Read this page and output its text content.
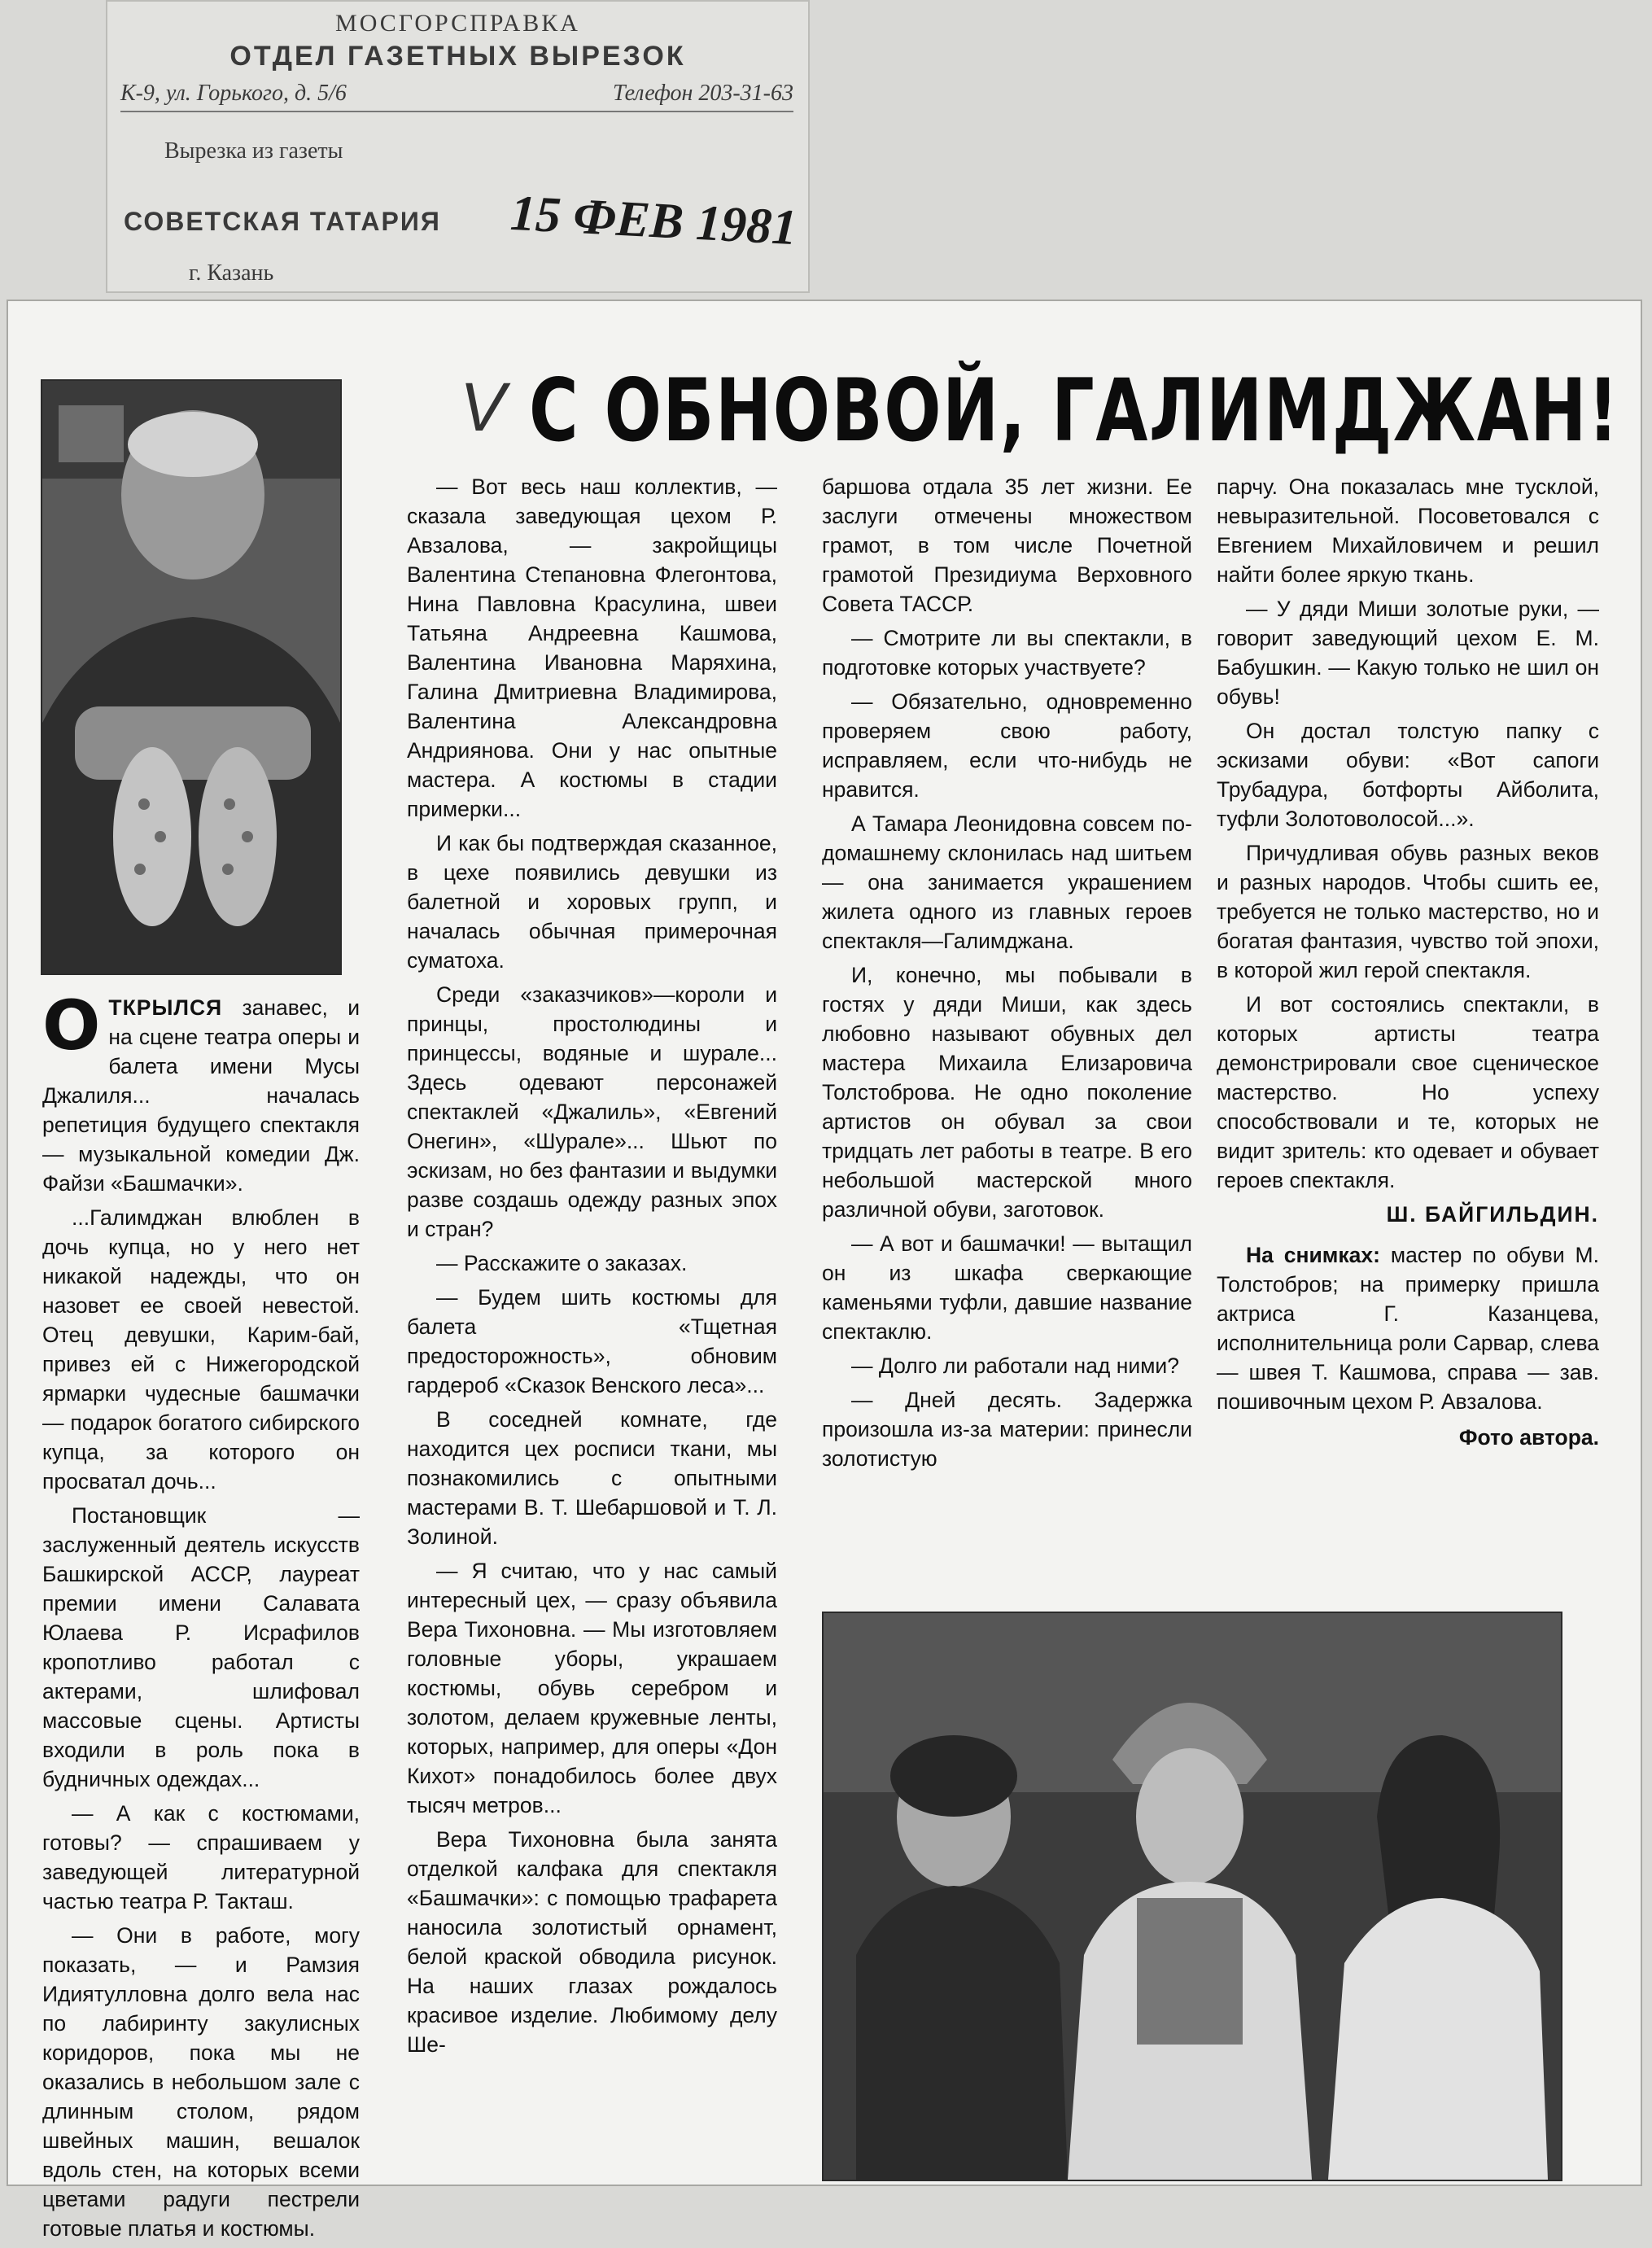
МОСГОРСПРАВКА
ОТДЕЛ ГАЗЕТНЫХ ВЫРЕЗОК
К-9, ул. Горького, д. 5/6	Телефон 203-31-63
Вырезка из газеты
СОВЕТСКАЯ ТАТАРИЯ 15 ФЕВ 1981
г. Казань
V С ОБНОВОЙ, ГАЛИМДЖАН!

ОТКРЫЛСЯ занавес, и на сцене театра оперы и балета имени Мусы Джалиля... началась репетиция будущего спектакля — музыкальной комедии Дж. Файзи «Башмачки».

...Галимджан влюблен в дочь купца, но у него нет никакой надежды, что он назовет ее своей невестой. Отец девушки, Карим-бай, привез ей с Нижегородской ярмарки чудесные башмачки — подарок богатого сибирского купца, за которого он просватал дочь...

Постановщик — заслуженный деятель искусств Башкирской АССР, лауреат премии имени Салавата Юлаева Р. Исрафилов кропотливо работал с актерами, шлифовал массовые сцены. Артисты входили в роль пока в будничных одеждах...

— А как с костюмами, готовы? — спрашиваем у заведующей литературной частью театра Р. Такташ.

— Они в работе, могу показать, — и Рамзия Идиятулловна долго вела нас по лабиринту закулисных коридоров, пока мы не оказались в небольшом зале с длинным столом, рядом швейных машин, вешалок вдоль стен, на которых всеми цветами радуги пестрели готовые платья и костюмы.

— Вот весь наш коллектив, — сказала заведующая цехом Р. Авзалова, — закройщицы Валентина Степановна Флегонтова, Нина Павловна Красулина, швеи Татьяна Андреевна Кашмова, Валентина Ивановна Маряхина, Галина Дмитриевна Владимирова, Валентина Александровна Андриянова. Они у нас опытные мастера. А костюмы в стадии примерки...

И как бы подтверждая сказанное, в цехе появились девушки из балетной и хоровых групп, и началась обычная примерочная суматоха.

Среди «заказчиков»—короли и принцы, простолюдины и принцессы, водяные и шурале... Здесь одевают персонажей спектаклей «Джалиль», «Евгений Онегин», «Шурале»... Шьют по эскизам, но без фантазии и выдумки разве создашь одежду разных эпох и стран?

— Расскажите о заказах.

— Будем шить костюмы для балета «Тщетная предосторожность», обновим гардероб «Сказок Венского леса»...

В соседней комнате, где находится цех росписи ткани, мы познакомились с опытными мастерами В. Т. Шебаршовой и Т. Л. Золиной.

— Я считаю, что у нас самый интересный цех, — сразу объявила Вера Тихоновна. — Мы изготовляем головные уборы, украшаем костюмы, обувь серебром и золотом, делаем кружевные ленты, которых, например, для оперы «Дон Кихот» понадобилось более двух тысяч метров...

Вера Тихоновна была занята отделкой калфака для спектакля «Башмачки»: с помощью трафарета наносила золотистый орнамент, белой краской обводила рисунок. На наших глазах рождалось красивое изделие. Любимому делу Ше-

баршова отдала 35 лет жизни. Ее заслуги отмечены множеством грамот, в том числе Почетной грамотой Президиума Верховного Совета ТАССР.

— Смотрите ли вы спектакли, в подготовке которых участвуете?

— Обязательно, одновременно проверяем свою работу, исправляем, если что-нибудь не нравится.

А Тамара Леонидовна совсем по-домашнему склонилась над шитьем — она занимается украшением жилета одного из главных героев спектакля—Галимджана.

И, конечно, мы побывали в гостях у дяди Миши, как здесь любовно называют обувных дел мастера Михаила Елизаровича Толстоброва. Не одно поколение артистов он обувал за свои тридцать лет работы в театре. В его небольшой мастерской много различной обуви, заготовок.

— А вот и башмачки! — вытащил он из шкафа сверкающие каменьями туфли, давшие название спектаклю.

— Долго ли работали над ними?

— Дней десять. Задержка произошла из-за материи: принесли золотистую

парчу. Она показалась мне тусклой, невыразительной. Посоветовался с Евгением Михайловичем и решил найти более яркую ткань.

— У дяди Миши золотые руки, — говорит заведующий цехом Е. М. Бабушкин. — Какую только не шил он обувь!

Он достал толстую папку с эскизами обуви: «Вот сапоги Трубадура, ботфорты Айболита, туфли Золотоволосой...».

Причудливая обувь разных веков и разных народов. Чтобы сшить ее, требуется не только мастерство, но и богатая фантазия, чувство той эпохи, в которой жил герой спектакля.

И вот состоялись спектакли, в которых артисты театра демонстрировали свое сценическое мастерство. Но успеху способствовали и те, которых не видит зритель: кто одевает и обувает героев спектакля.

Ш. БАЙГИЛЬДИН.

На снимках: мастер по обуви М. Толстобров; на примерку пришла актриса Г. Казанцева, исполнительница роли Сарвар, слева— швея Т. Кашмова, справа — зав. пошивочным цехом Р. Авзалова.

Фото автора.
